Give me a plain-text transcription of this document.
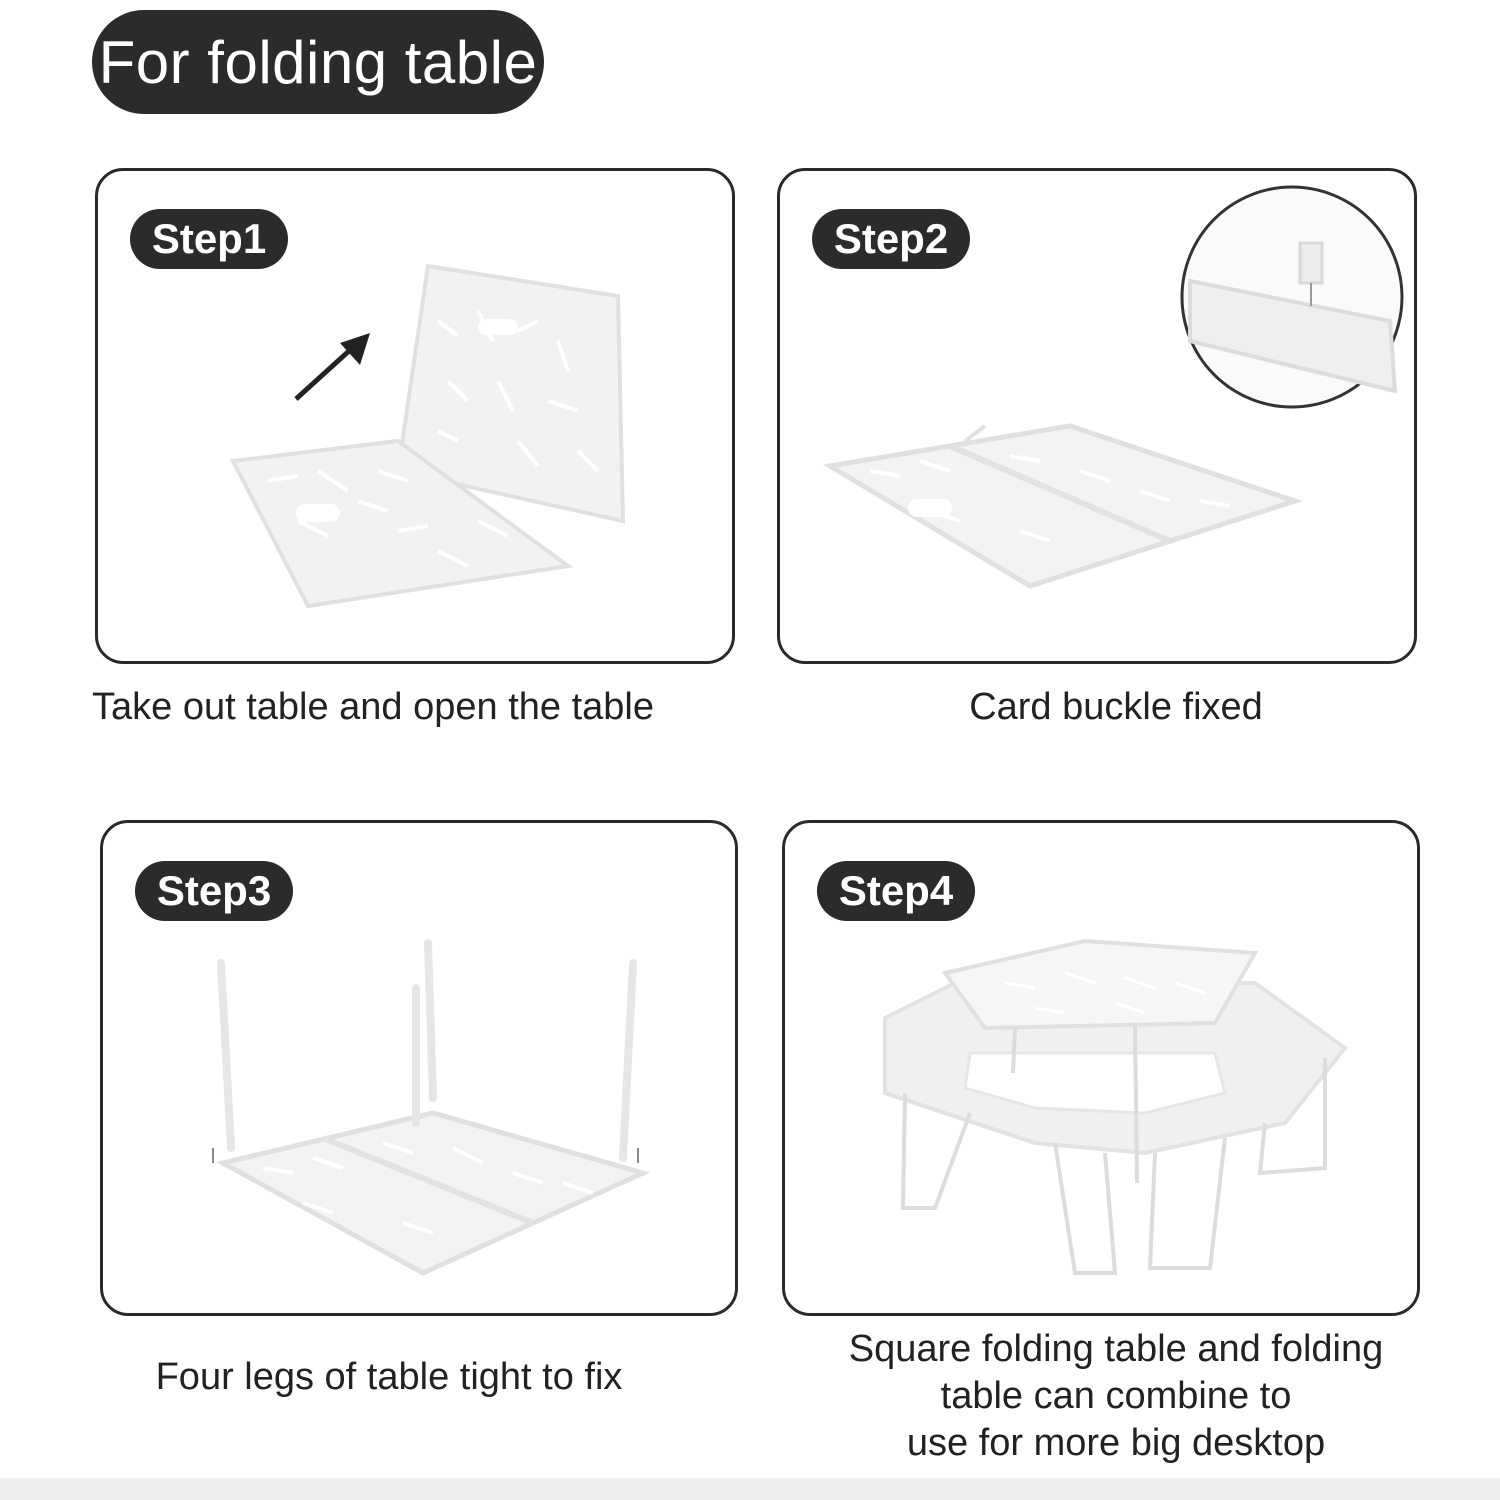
For folding table
Step1
Take out table and open the table
Step2
Card buckle fixed
Step3
Four legs of table tight to fix
Step4
Square folding table and folding
table can combine to
use for more big desktop
